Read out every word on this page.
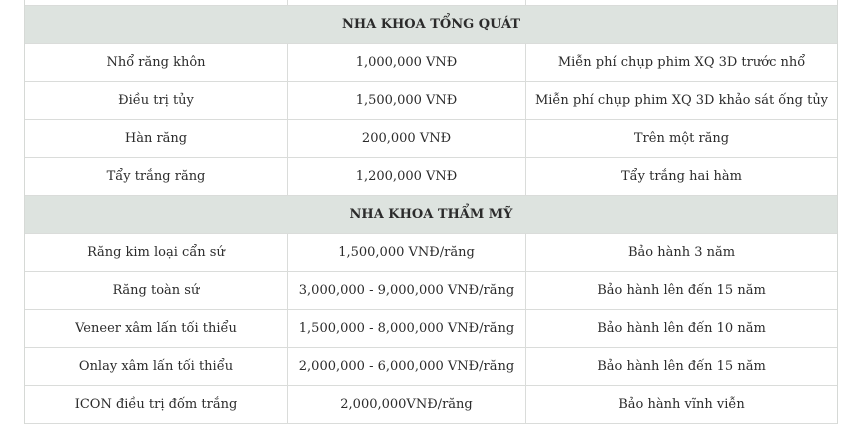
NHA KHOA TỔNG QUÁT
Nhổ răng khôn	1,000,000 VNĐ	Miễn phí chụp phim XQ 3D trước nhổ
Điều trị tủy	1,500,000 VNĐ	Miễn phí chụp phim XQ 3D khảo sát ống tủy
Hàn răng	200,000 VNĐ	Trên một răng
Tẩy trắng răng	1,200,000 VNĐ	Tẩy trắng hai hàm
NHA KHOA THẨM MỸ
Răng kim loại cẩn sứ	1,500,000 VNĐ/răng	Bảo hành 3 năm
Răng toàn sứ	3,000,000 - 9,000,000 VNĐ/răng	Bảo hành lên đến 15 năm
Veneer xâm lấn tối thiểu	1,500,000 - 8,000,000 VNĐ/răng	Bảo hành lên đến 10 năm
Onlay xâm lấn tối thiểu	2,000,000 - 6,000,000 VNĐ/răng	Bảo hành lên đến 15 năm
ICON điều trị đốm trắng	2,000,000VNĐ/răng	Bảo hành vĩnh viễn
